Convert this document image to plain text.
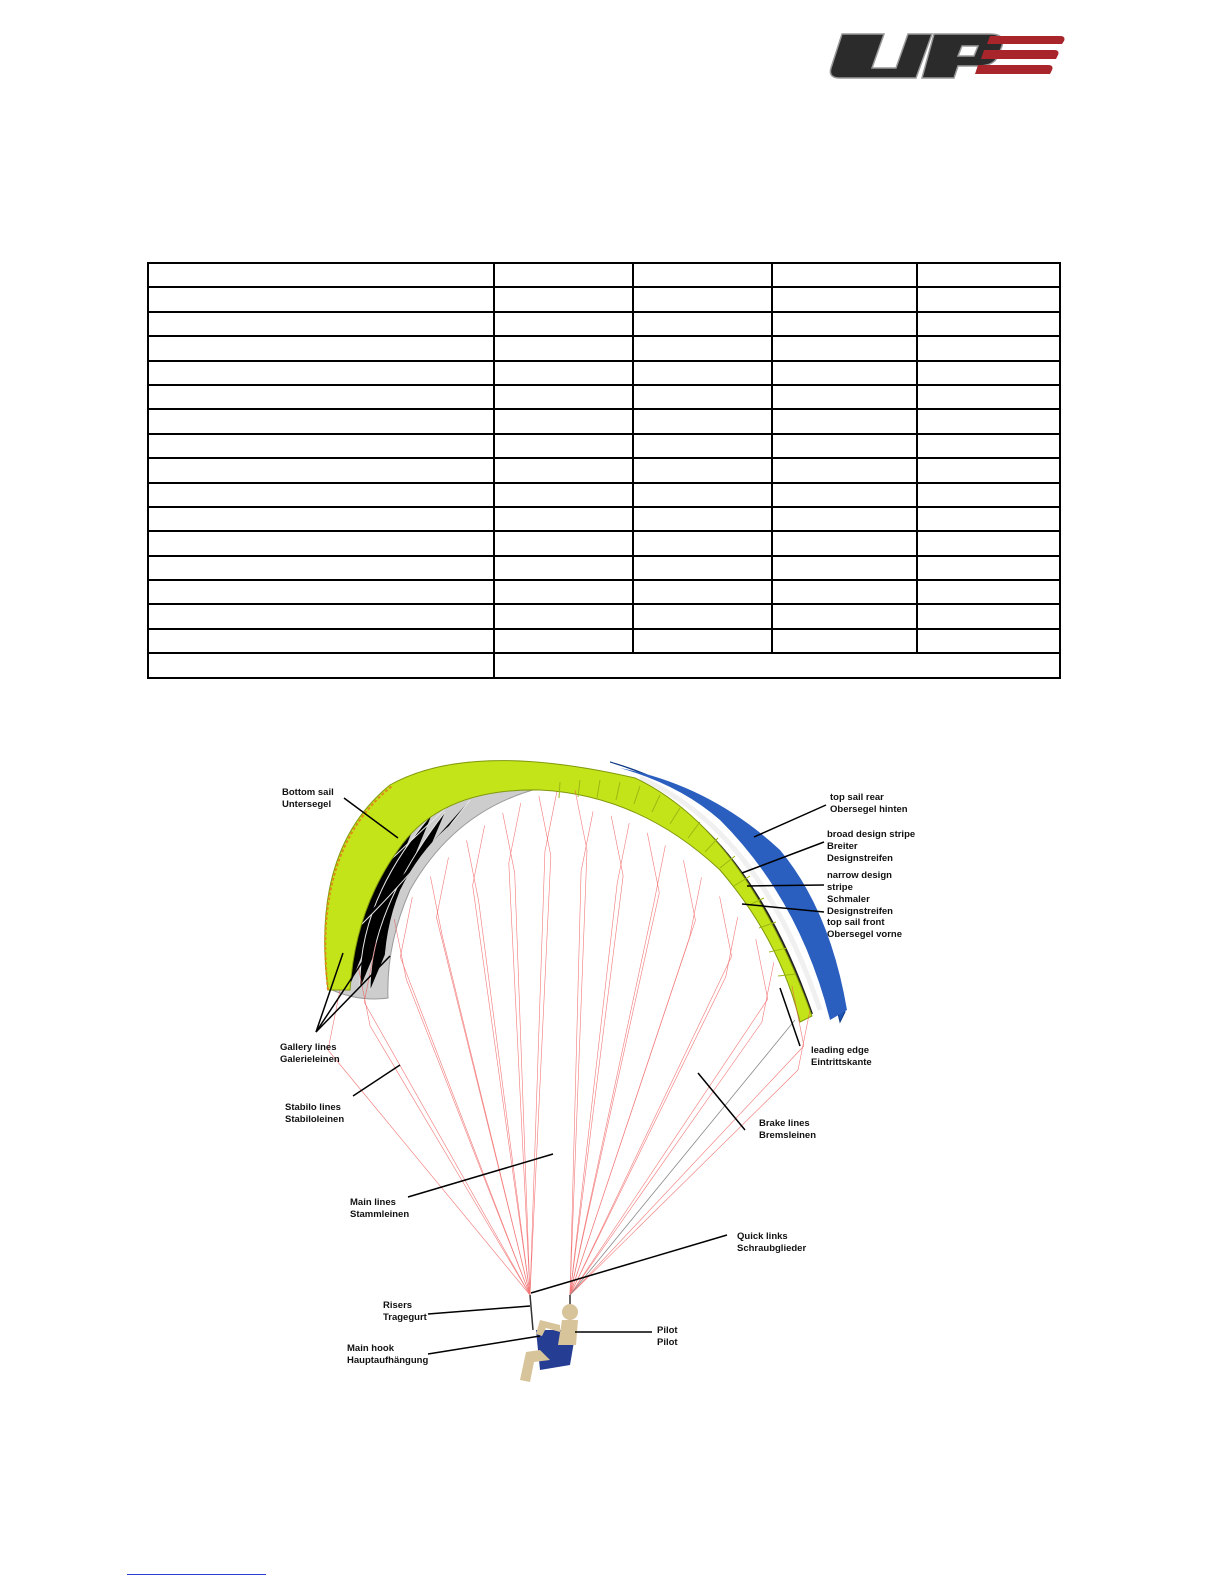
Bottom sail
Untersegel
top sail rear
Obersegel hinten
broad design stripe
Breiter
Designstreifen
narrow design
stripe
Schmaler
Designstreifen
top sail front
Obersegel vorne
Gallery lines
Galerieleinen
leading edge
Eintrittskante
Stabilo lines
Stabiloleinen	Brake lines
Bremsleinen
Main lines
Stammleinen
Quick links
Schraubglieder
Risers
Tragegurt
Pilot
Pilot
Main hook
Hauptaufhängung
